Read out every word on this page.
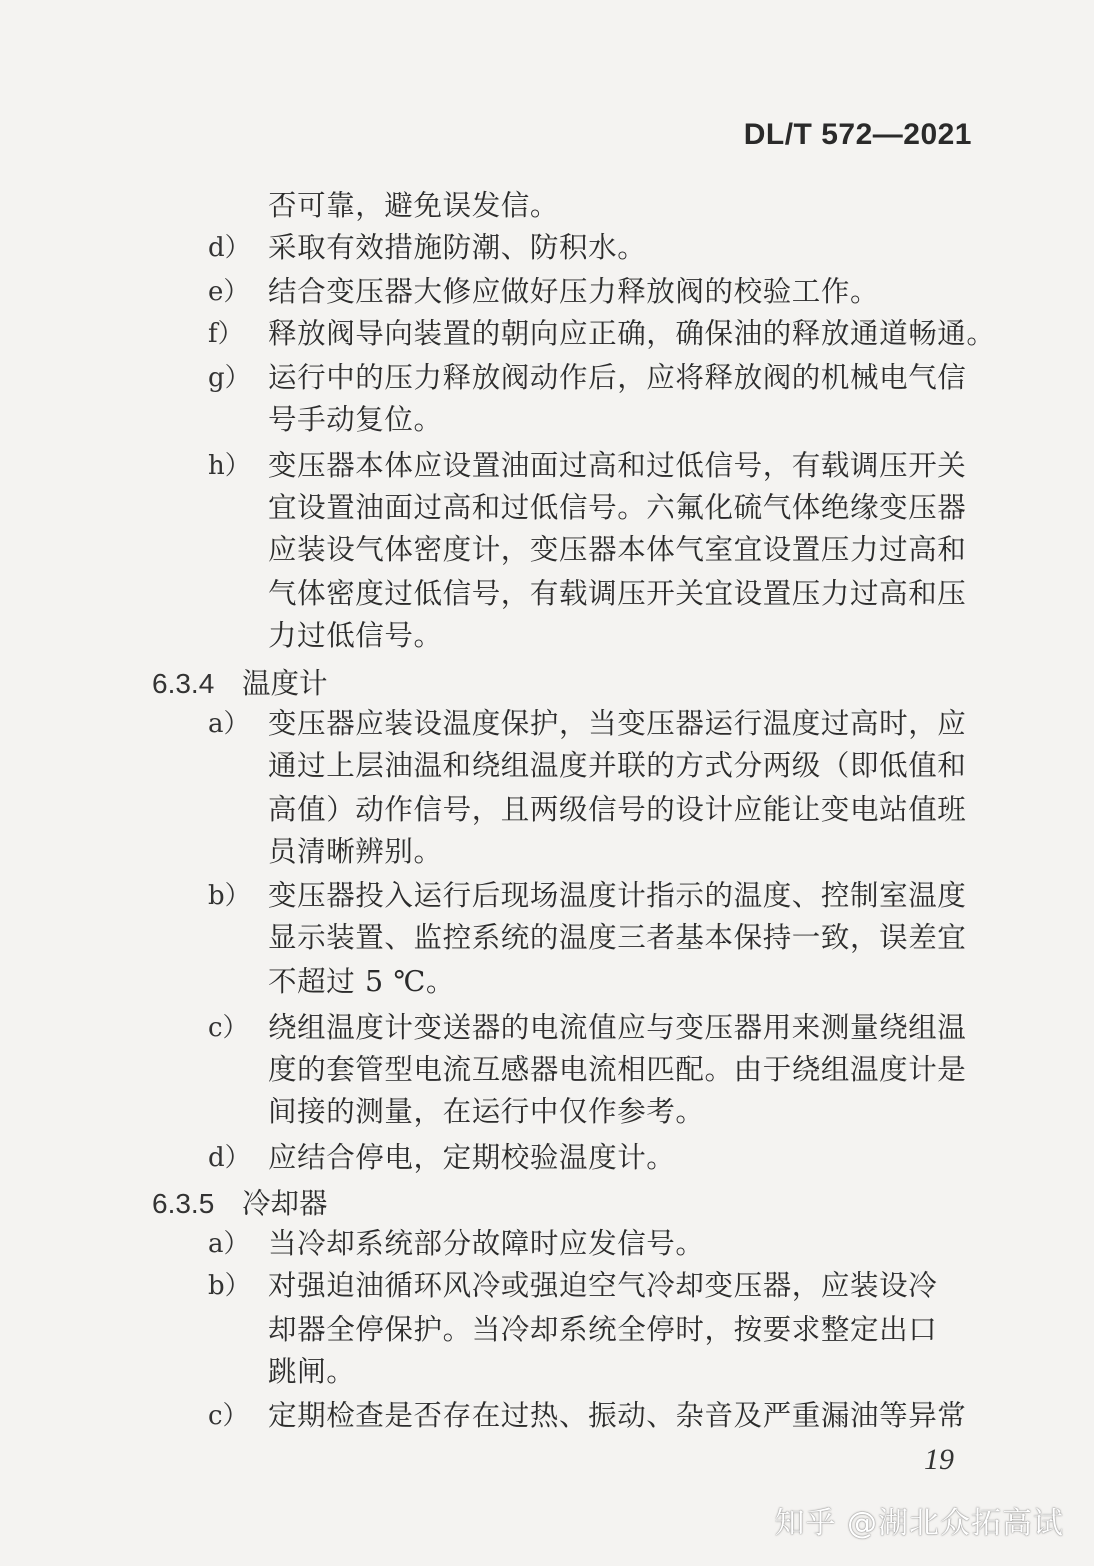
DL/T 572—2021
否可靠，避免误发信。
d） 采取有效措施防潮、防积水。
e） 结合变压器大修应做好压力释放阀的校验工作。
f） 释放阀导向装置的朝向应正确，确保油的释放通道畅通。
g） 运行中的压力释放阀动作后，应将释放阀的机械电气信
号手动复位。
h） 变压器本体应设置油面过高和过低信号，有载调压开关
宜设置油面过高和过低信号。六氟化硫气体绝缘变压器
应装设气体密度计，变压器本体气室宜设置压力过高和
气体密度过低信号，有载调压开关宜设置压力过高和压
力过低信号。
6.3.4 温度计
a） 变压器应装设温度保护，当变压器运行温度过高时，应
通过上层油温和绕组温度并联的方式分两级（即低值和
高值）动作信号，且两级信号的设计应能让变电站值班
员清晰辨别。
b） 变压器投入运行后现场温度计指示的温度、控制室温度
显示装置、监控系统的温度三者基本保持一致，误差宜
不超过 5 ℃。
c） 绕组温度计变送器的电流值应与变压器用来测量绕组温
度的套管型电流互感器电流相匹配。由于绕组温度计是
间接的测量，在运行中仅作参考。
d） 应结合停电，定期校验温度计。
6.3.5 冷却器
a） 当冷却系统部分故障时应发信号。
b） 对强迫油循环风冷或强迫空气冷却变压器，应装设冷
却器全停保护。当冷却系统全停时，按要求整定出口
跳闸。
c） 定期检查是否存在过热、振动、杂音及严重漏油等异常
19
知乎 @湖北众拓高试
